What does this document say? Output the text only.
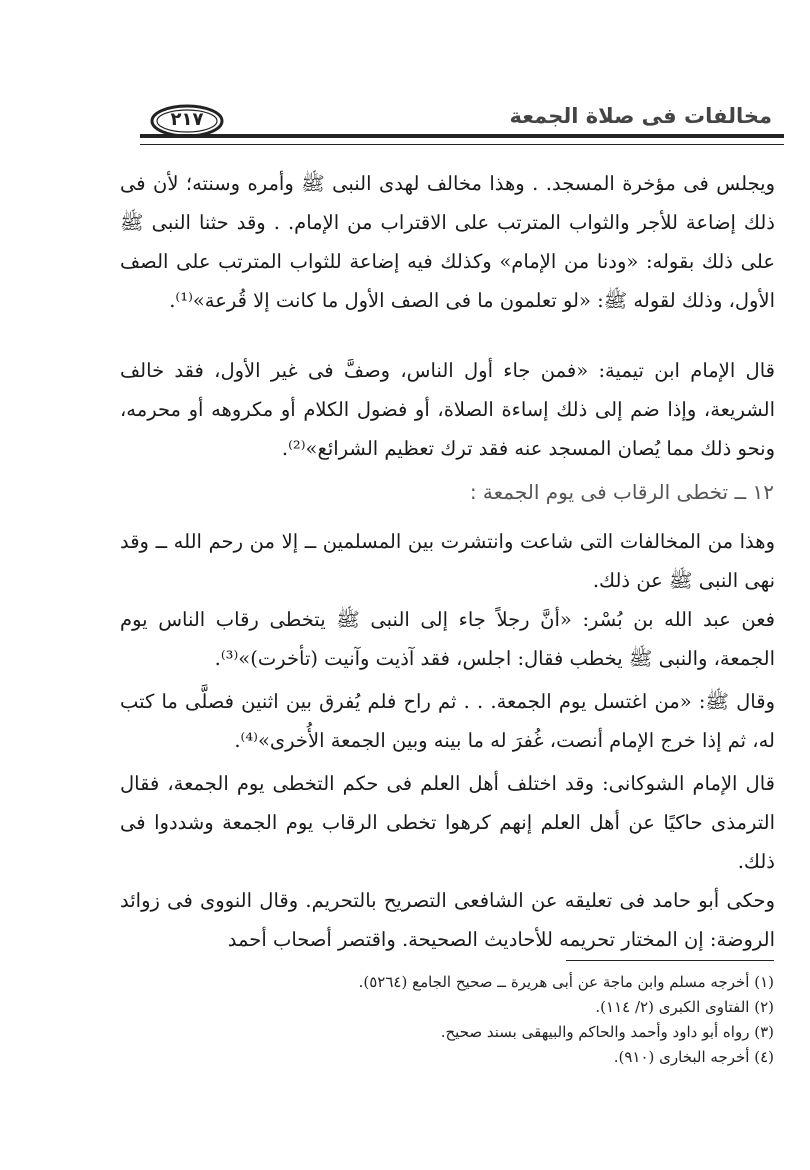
مخالفات فى صلاة الجمعة
٢١٧

ويجلس فى مؤخرة المسجد. . وهذا مخالف لهدى النبى ﷺ وأمره وسنته؛ لأن فى ذلك إضاعة للأجر والثواب المترتب على الاقتراب من الإمام. . وقد حثنا النبى ﷺ على ذلك بقوله: «ودنا من الإمام» وكذلك فيه إضاعة للثواب المترتب على الصف الأول، وذلك لقوله ﷺ: «لو تعلمون ما فى الصف الأول ما كانت إلا قُرعة»⁽¹⁾.

قال الإمام ابن تيمية: «فمن جاء أول الناس، وصفَّ فى غير الأول، فقد خالف الشريعة، وإذا ضم إلى ذلك إساءة الصلاة، أو فضول الكلام أو مكروهه أو محرمه، ونحو ذلك مما يُصان المسجد عنه فقد ترك تعظيم الشرائع»⁽²⁾.

١٢ ــ تخطى الرقاب فى يوم الجمعة :

وهذا من المخالفات التى شاعت وانتشرت بين المسلمين ــ إلا من رحم الله ــ وقد نهى النبى ﷺ عن ذلك.

فعن عبد الله بن بُسْر: «أنَّ رجلاً جاء إلى النبى ﷺ يتخطى رقاب الناس يوم الجمعة، والنبى ﷺ يخطب فقال: اجلس، فقد آذيت وآنيت (تأخرت)»⁽³⁾.

وقال ﷺ: «من اغتسل يوم الجمعة. . . ثم راح فلم يُفرق بين اثنين فصلَّى ما كتب له، ثم إذا خرج الإمام أنصت، غُفرَ له ما بينه وبين الجمعة الأُخرى»⁽⁴⁾.

قال الإمام الشوكانى: وقد اختلف أهل العلم فى حكم التخطى يوم الجمعة، فقال الترمذى حاكيًا عن أهل العلم إنهم كرهوا تخطى الرقاب يوم الجمعة وشددوا فى ذلك.

وحكى أبو حامد فى تعليقه عن الشافعى التصريح بالتحريم. وقال النووى فى زوائد الروضة: إن المختار تحريمه للأحاديث الصحيحة. واقتصر أصحاب أحمد

(١) أخرجه مسلم وابن ماجة عن أبى هريرة ــ صحيح الجامع (٥٢٦٤).

(٢) الفتاوى الكبرى (٢/ ١١٤).

(٣) رواه أبو داود وأحمد والحاكم والبيهقى بسند صحيح.

(٤) أخرجه البخارى (٩١٠).
